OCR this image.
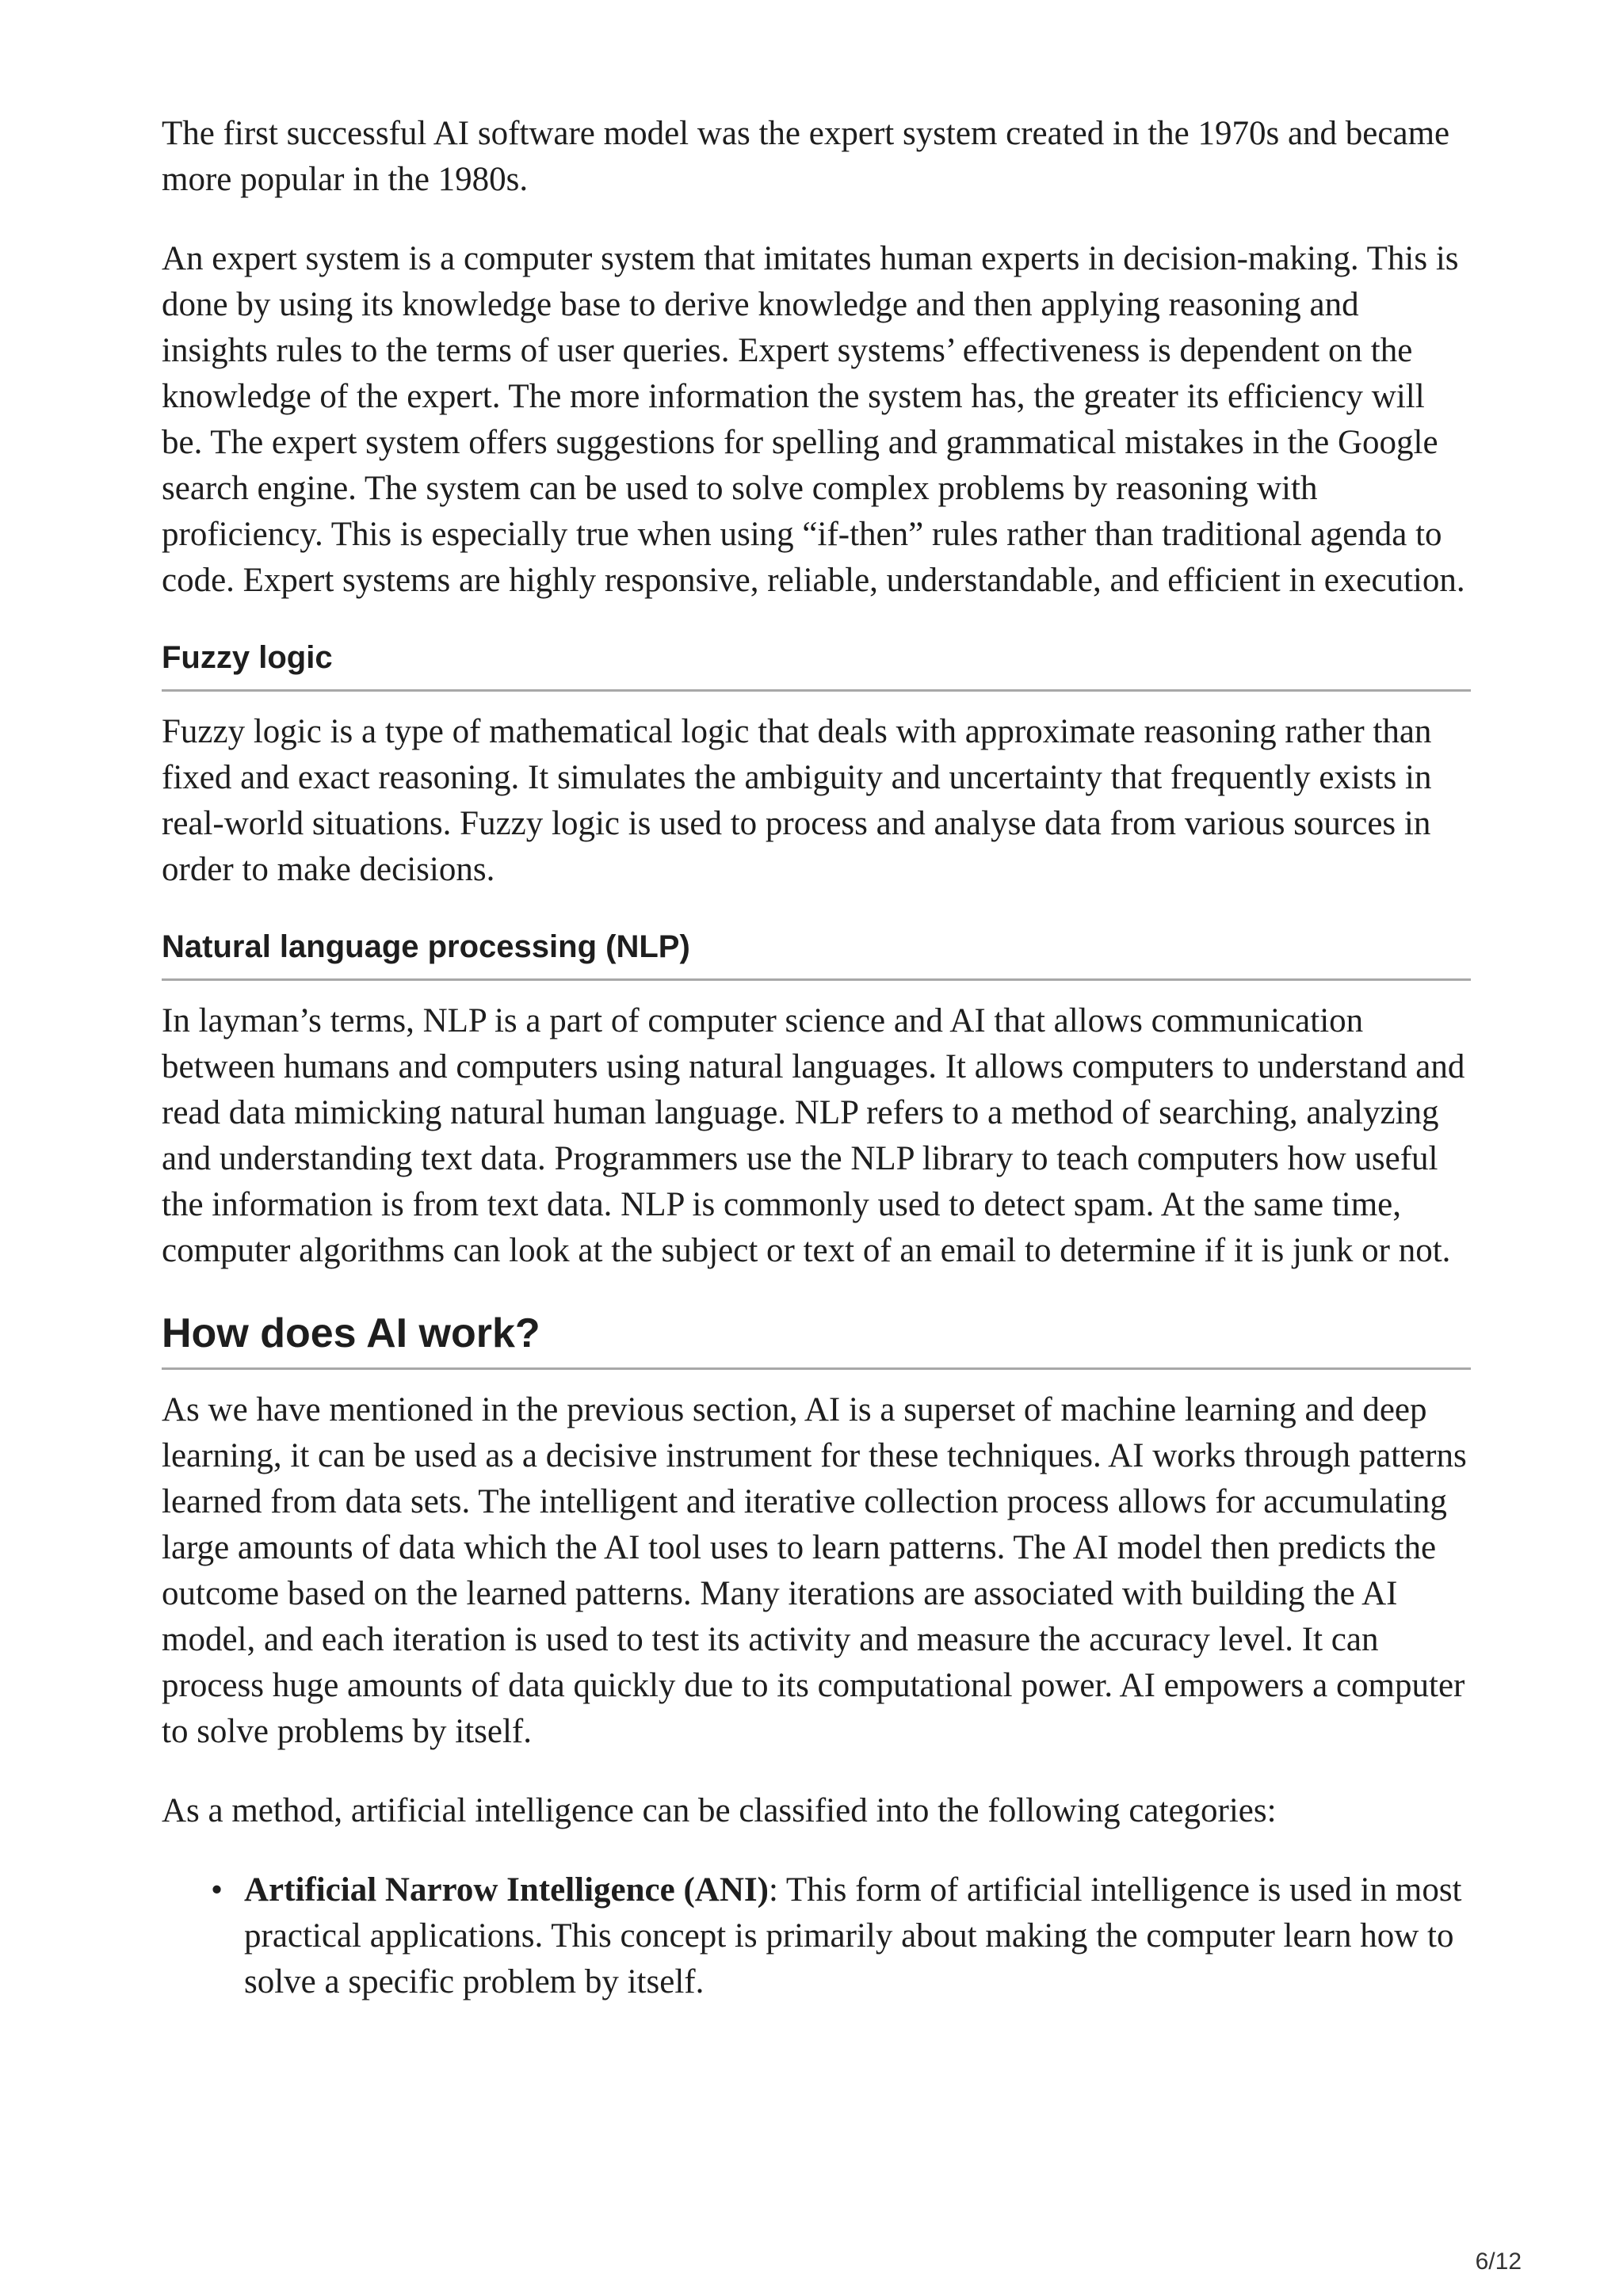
The first successful AI software model was the expert system created in the 1970s and became more popular in the 1980s.

An expert system is a computer system that imitates human experts in decision-making. This is done by using its knowledge base to derive knowledge and then applying reasoning and insights rules to the terms of user queries. Expert systems’ effectiveness is dependent on the knowledge of the expert. The more information the system has, the greater its efficiency will be. The expert system offers suggestions for spelling and grammatical mistakes in the Google search engine. The system can be used to solve complex problems by reasoning with proficiency. This is especially true when using “if-then” rules rather than traditional agenda to code. Expert systems are highly responsive, reliable, understandable, and efficient in execution.

Fuzzy logic

Fuzzy logic is a type of mathematical logic that deals with approximate reasoning rather than fixed and exact reasoning. It simulates the ambiguity and uncertainty that frequently exists in real-world situations. Fuzzy logic is used to process and analyse data from various sources in order to make decisions.

Natural language processing (NLP)

In layman’s terms, NLP is a part of computer science and AI that allows communication between humans and computers using natural languages. It allows computers to understand and read data mimicking natural human language. NLP refers to a method of searching, analyzing and understanding text data. Programmers use the NLP library to teach computers how useful the information is from text data. NLP is commonly used to detect spam. At the same time, computer algorithms can look at the subject or text of an email to determine if it is junk or not.

How does AI work?

As we have mentioned in the previous section, AI is a superset of machine learning and deep learning, it can be used as a decisive instrument for these techniques. AI works through patterns learned from data sets. The intelligent and iterative collection process allows for accumulating large amounts of data which the AI tool uses to learn patterns. The AI model then predicts the outcome based on the learned patterns. Many iterations are associated with building the AI model, and each iteration is used to test its activity and measure the accuracy level. It can process huge amounts of data quickly due to its computational power. AI empowers a computer to solve problems by itself.

As a method, artificial intelligence can be classified into the following categories:

• Artificial Narrow Intelligence (ANI): This form of artificial intelligence is used in most practical applications. This concept is primarily about making the computer learn how to solve a specific problem by itself.
6/12
